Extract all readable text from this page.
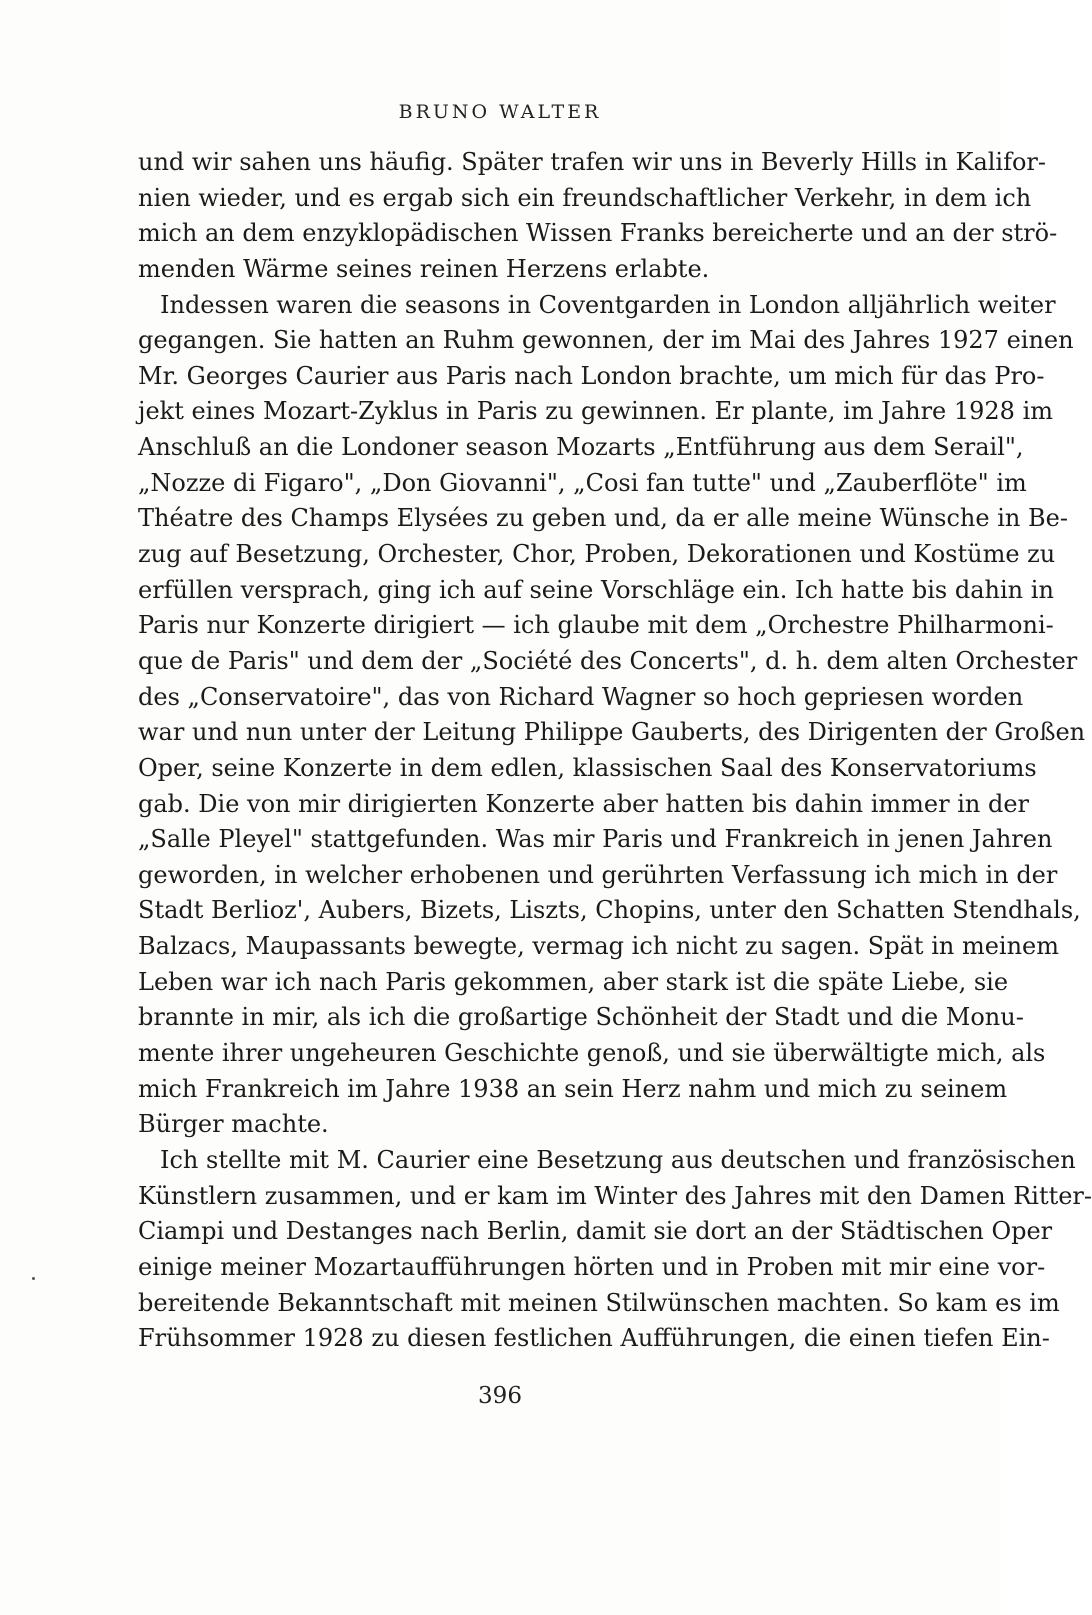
BRUNO WALTER
und wir sahen uns häufig. Später trafen wir uns in Beverly Hills in Kalifor-
nien wieder, und es ergab sich ein freundschaftlicher Verkehr, in dem ich
mich an dem enzyklopädischen Wissen Franks bereicherte und an der strö-
menden Wärme seines reinen Herzens erlabte.
Indessen waren die seasons in Coventgarden in London alljährlich weiter
gegangen. Sie hatten an Ruhm gewonnen, der im Mai des Jahres 1927 einen
Mr. Georges Caurier aus Paris nach London brachte, um mich für das Pro-
jekt eines Mozart-Zyklus in Paris zu gewinnen. Er plante, im Jahre 1928 im
Anschluß an die Londoner season Mozarts „Entführung aus dem Serail",
„Nozze di Figaro", „Don Giovanni", „Cosi fan tutte" und „Zauberflöte" im
Théatre des Champs Elysées zu geben und, da er alle meine Wünsche in Be-
zug auf Besetzung, Orchester, Chor, Proben, Dekorationen und Kostüme zu
erfüllen versprach, ging ich auf seine Vorschläge ein. Ich hatte bis dahin in
Paris nur Konzerte dirigiert — ich glaube mit dem „Orchestre Philharmoni-
que de Paris" und dem der „Société des Concerts", d. h. dem alten Orchester
des „Conservatoire", das von Richard Wagner so hoch gepriesen worden
war und nun unter der Leitung Philippe Gauberts, des Dirigenten der Großen
Oper, seine Konzerte in dem edlen, klassischen Saal des Konservatoriums
gab. Die von mir dirigierten Konzerte aber hatten bis dahin immer in der
„Salle Pleyel" stattgefunden. Was mir Paris und Frankreich in jenen Jahren
geworden, in welcher erhobenen und gerührten Verfassung ich mich in der
Stadt Berlioz', Aubers, Bizets, Liszts, Chopins, unter den Schatten Stendhals,
Balzacs, Maupassants bewegte, vermag ich nicht zu sagen. Spät in meinem
Leben war ich nach Paris gekommen, aber stark ist die späte Liebe, sie
brannte in mir, als ich die großartige Schönheit der Stadt und die Monu-
mente ihrer ungeheuren Geschichte genoß, und sie überwältigte mich, als
mich Frankreich im Jahre 1938 an sein Herz nahm und mich zu seinem
Bürger machte.
Ich stellte mit M. Caurier eine Besetzung aus deutschen und französischen
Künstlern zusammen, und er kam im Winter des Jahres mit den Damen Ritter-
Ciampi und Destanges nach Berlin, damit sie dort an der Städtischen Oper
einige meiner Mozartaufführungen hörten und in Proben mit mir eine vor-
bereitende Bekanntschaft mit meinen Stilwünschen machten. So kam es im
Frühsommer 1928 zu diesen festlichen Aufführungen, die einen tiefen Ein-
396
